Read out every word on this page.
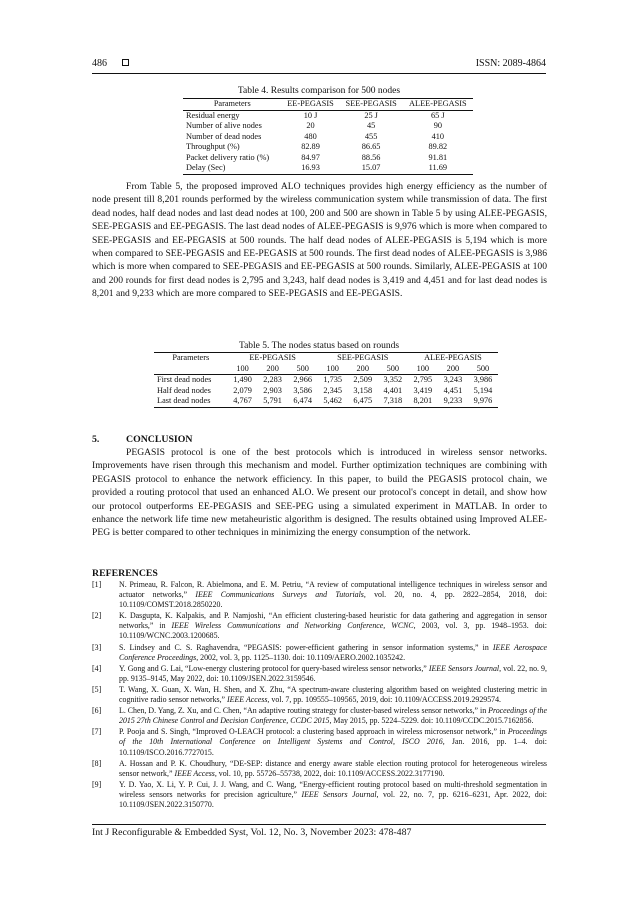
486	ISSN: 2089-4864
Table 4. Results comparison for 500 nodes
Parameters	EE-PEGASIS	SEE-PEGASIS	ALEE-PEGASIS
Residual energy	10 J	25 J	65 J
Number of alive nodes	20	45	90
Number of dead nodes	480	455	410
Throughput (%)	82.89	86.65	89.82
Packet delivery ratio (%)	84.97	88.56	91.81
Delay (Sec)	16.93	15.07	11.69

From Table 5, the proposed improved ALO techniques provides high energy efficiency as the number of node present till 8,201 rounds performed by the wireless communication system while transmission of data. The first dead nodes, half dead nodes and last dead nodes at 100, 200 and 500 are shown in Table 5 by using ALEE-PEGASIS, SEE-PEGASIS and EE-PEGASIS. The last dead nodes of ALEE-PEGASIS is 9,976 which is more when compared to SEE-PEGASIS and EE-PEGASIS at 500 rounds. The half dead nodes of ALEE-PEGASIS is 5,194 which is more when compared to SEE-PEGASIS and EE-PEGASIS at 500 rounds. The first dead nodes of ALEE-PEGASIS is 3,986 which is more when compared to SEE-PEGASIS and EE-PEGASIS at 500 rounds. Similarly, ALEE-PEGASIS at 100 and 200 rounds for first dead nodes is 2,795 and 3,243, half dead nodes is 3,419 and 4,451 and for last dead nodes is 8,201 and 9,233 which are more compared to SEE-PEGASIS and EE-PEGASIS.

Table 5. The nodes status based on rounds
Parameters	EE-PEGASIS			SEE-PEGASIS			ALEE-PEGASIS		
	100	200	500	100	200	500	100	200	500
First dead nodes	1,490	2,283	2,966	1,735	2,509	3,352	2,795	3,243	3,986
Half dead nodes	2,079	2,903	3,586	2,345	3,158	4,401	3,419	4,451	5,194
Last dead nodes	4,767	5,791	6,474	5,462	6,475	7,318	8,201	9,233	9,976
5.	CONCLUSION

PEGASIS protocol is one of the best protocols which is introduced in wireless sensor networks. Improvements have risen through this mechanism and model. Further optimization techniques are combining with PEGASIS protocol to enhance the network efficiency. In this paper, to build the PEGASIS protocol chain, we provided a routing protocol that used an enhanced ALO. We present our protocol's concept in detail, and show how our protocol outperforms EE-PEGASIS and SEE-PEG using a simulated experiment in MATLAB. In order to enhance the network life time new metaheuristic algorithm is designed. The results obtained using Improved ALEE-PEG is better compared to other techniques in minimizing the energy consumption of the network.

REFERENCES
[1] N. Primeau, R. Falcon, R. Abielmona, and E. M. Petriu, “A review of computational intelligence techniques in wireless sensor and actuator networks,” IEEE Communications Surveys and Tutorials, vol. 20, no. 4, pp. 2822–2854, 2018, doi: 10.1109/COMST.2018.2850220.
[2] K. Dasgupta, K. Kalpakis, and P. Namjoshi, “An efficient clustering-based heuristic for data gathering and aggregation in sensor networks,” in IEEE Wireless Communications and Networking Conference, WCNC, 2003, vol. 3, pp. 1948–1953. doi: 10.1109/WCNC.2003.1200685.
[3] S. Lindsey and C. S. Raghavendra, “PEGASIS: power-efficient gathering in sensor information systems,” in IEEE Aerospace Conference Proceedings, 2002, vol. 3, pp. 1125–1130. doi: 10.1109/AERO.2002.1035242.
[4] Y. Gong and G. Lai, “Low-energy clustering protocol for query-based wireless sensor networks,” IEEE Sensors Journal, vol. 22, no. 9, pp. 9135–9145, May 2022, doi: 10.1109/JSEN.2022.3159546.
[5] T. Wang, X. Guan, X. Wan, H. Shen, and X. Zhu, “A spectrum-aware clustering algorithm based on weighted clustering metric in cognitive radio sensor networks,” IEEE Access, vol. 7, pp. 109555–109565, 2019, doi: 10.1109/ACCESS.2019.2929574.
[6] L. Chen, D. Yang, Z. Xu, and C. Chen, “An adaptive routing strategy for cluster-based wireless sensor networks,” in Proceedings of the 2015 27th Chinese Control and Decision Conference, CCDC 2015, May 2015, pp. 5224–5229. doi: 10.1109/CCDC.2015.7162856.
[7] P. Pooja and S. Singh, “Improved O-LEACH protocol: a clustering based approach in wireless microsensor network,” in Proceedings of the 10th International Conference on Intelligent Systems and Control, ISCO 2016, Jan. 2016, pp. 1–4. doi: 10.1109/ISCO.2016.7727015.
[8] A. Hossan and P. K. Choudhury, “DE-SEP: distance and energy aware stable election routing protocol for heterogeneous wireless sensor network,” IEEE Access, vol. 10, pp. 55726–55738, 2022, doi: 10.1109/ACCESS.2022.3177190.
[9] Y. D. Yao, X. Li, Y. P. Cui, J. J. Wang, and C. Wang, “Energy-efficient routing protocol based on multi-threshold segmentation in wireless sensors networks for precision agriculture,” IEEE Sensors Journal, vol. 22, no. 7, pp. 6216–6231, Apr. 2022, doi: 10.1109/JSEN.2022.3150770.
Int J Reconfigurable & Embedded Syst, Vol. 12, No. 3, November 2023: 478-487
